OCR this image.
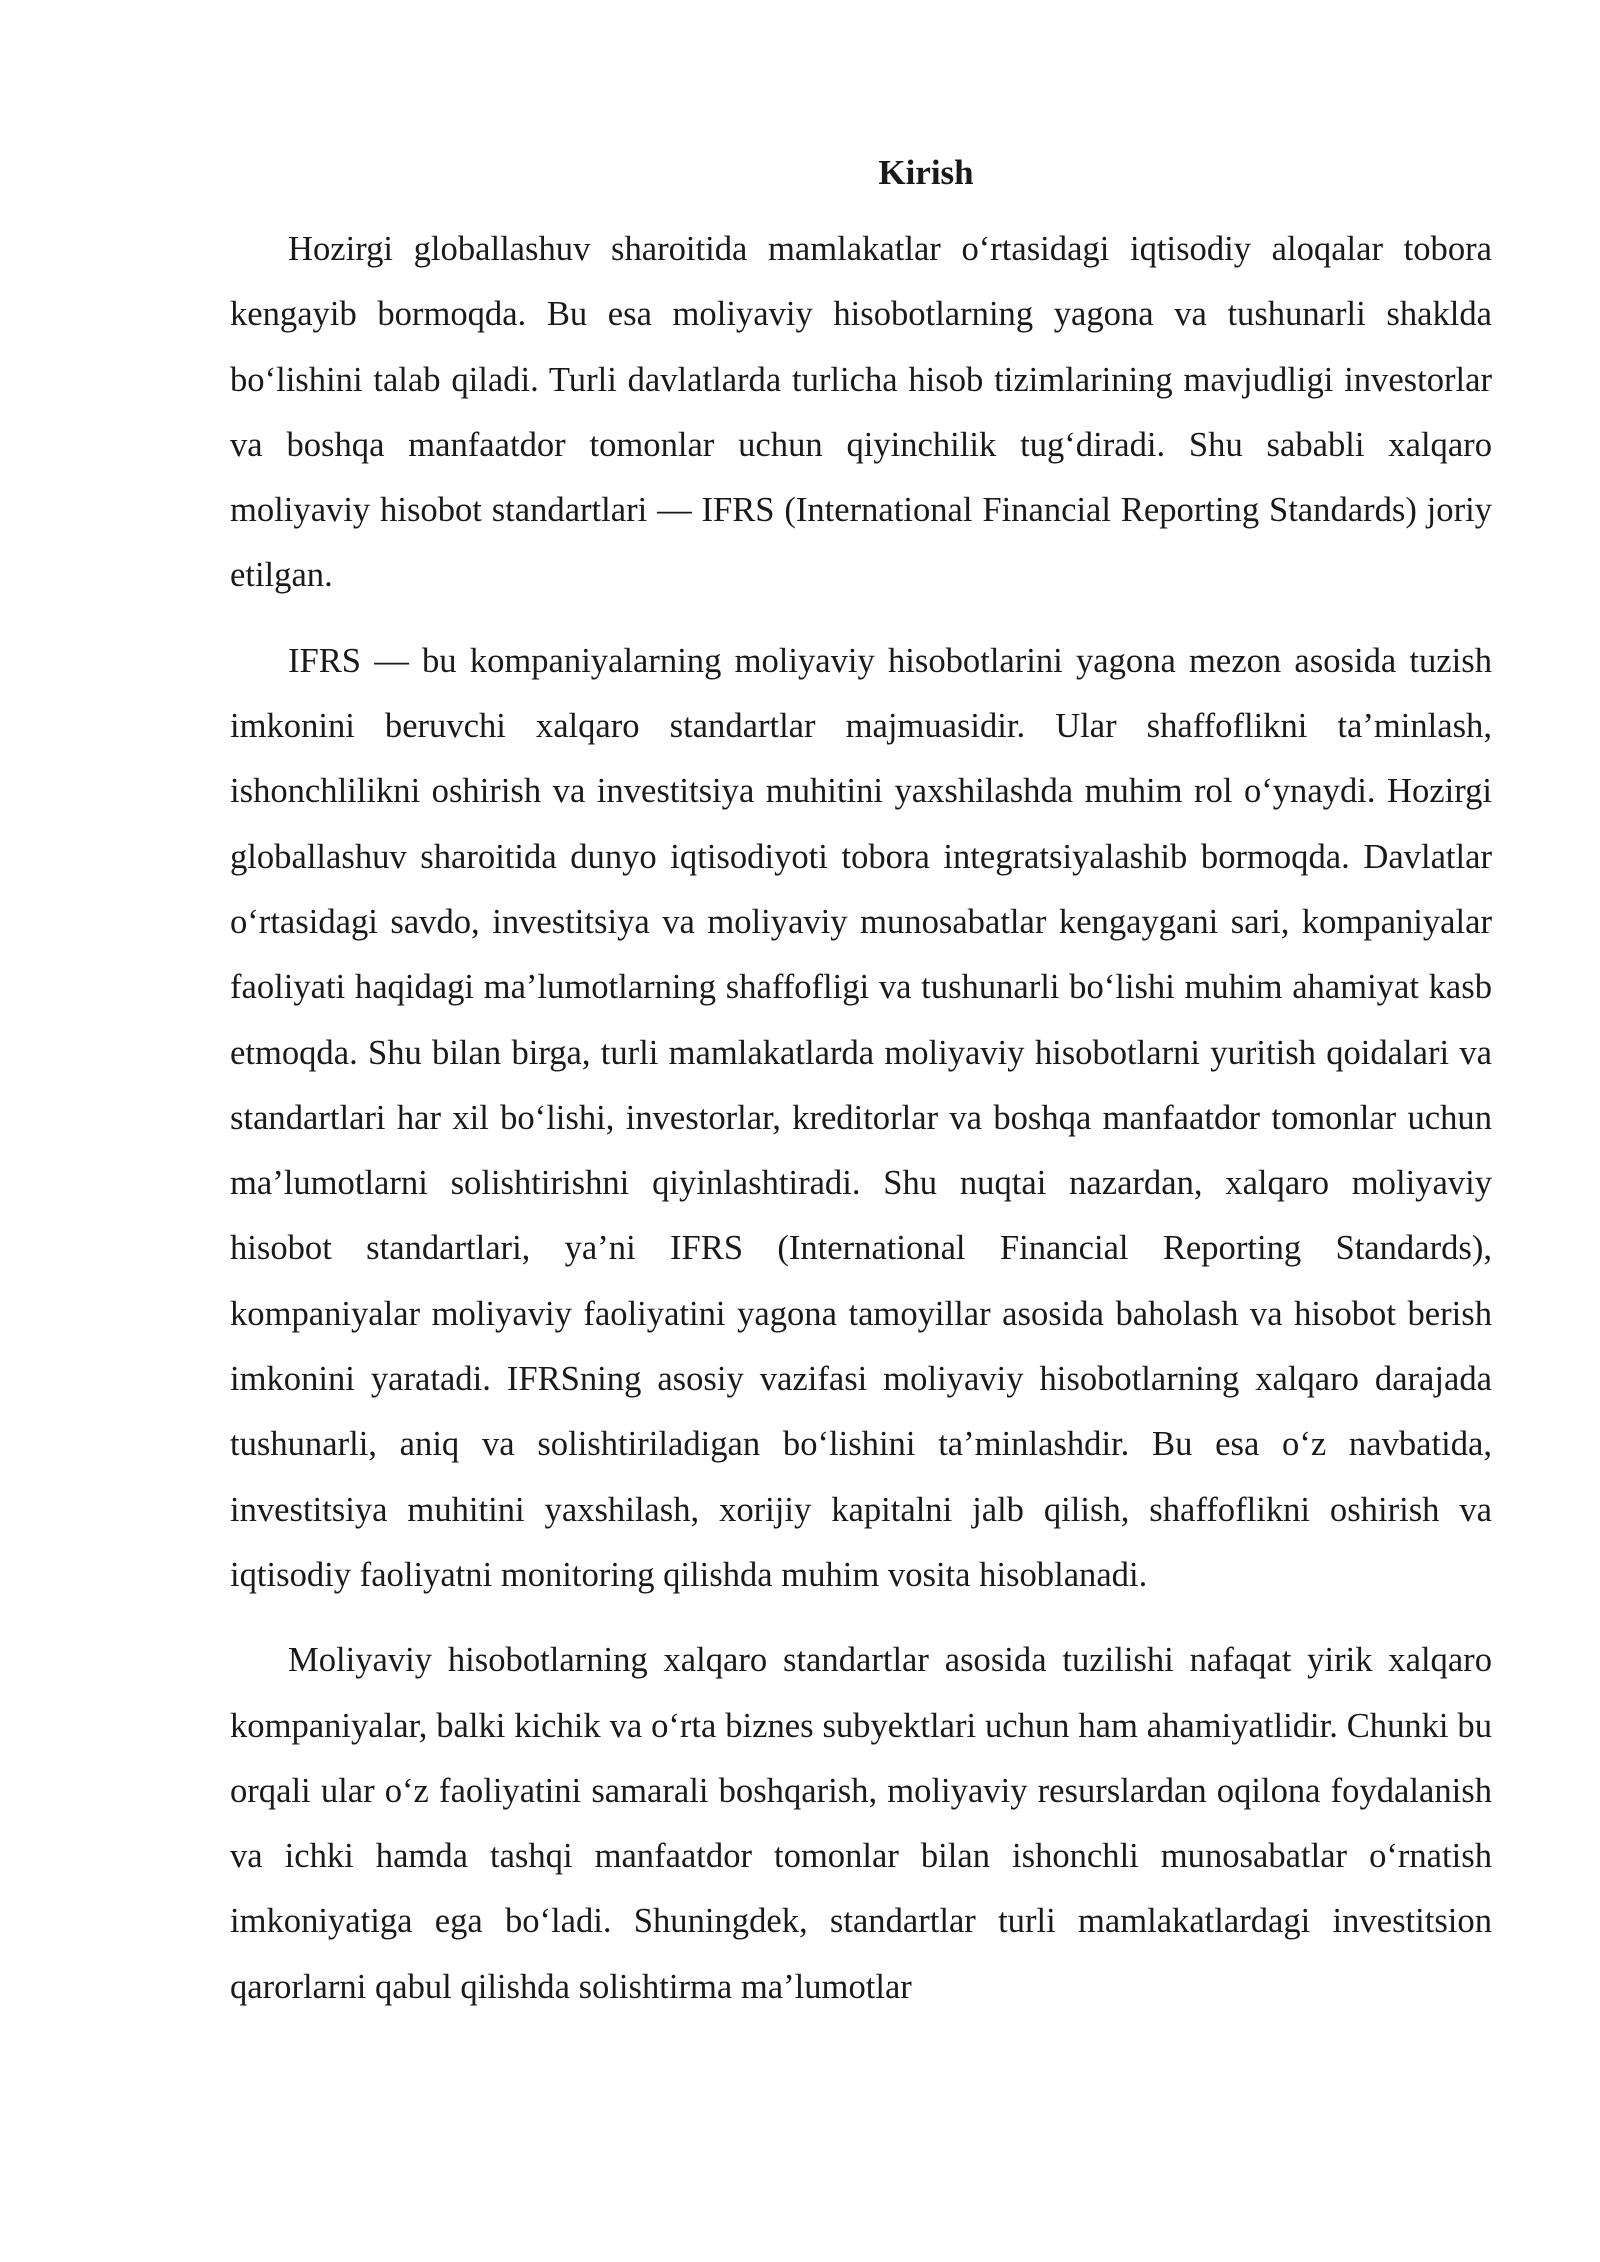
Kirish

Hozirgi globallashuv sharoitida mamlakatlar o‘rtasidagi iqtisodiy aloqalar tobora kengayib bormoqda. Bu esa moliyaviy hisobotlarning yagona va tushunarli shaklda bo‘lishini talab qiladi. Turli davlatlarda turlicha hisob tizimlarining mavjudligi investorlar va boshqa manfaatdor tomonlar uchun qiyinchilik tug‘diradi. Shu sababli xalqaro moliyaviy hisobot standartlari — IFRS (International Financial Reporting Standards) joriy etilgan.

IFRS — bu kompaniyalarning moliyaviy hisobotlarini yagona mezon asosida tuzish imkonini beruvchi xalqaro standartlar majmuasidir. Ular shaffoflikni ta’minlash, ishonchlilikni oshirish va investitsiya muhitini yaxshilashda muhim rol o‘ynaydi. Hozirgi globallashuv sharoitida dunyo iqtisodiyoti tobora integratsiyalashib bormoqda. Davlatlar o‘rtasidagi savdo, investitsiya va moliyaviy munosabatlar kengaygani sari, kompaniyalar faoliyati haqidagi ma’lumotlarning shaffofligi va tushunarli bo‘lishi muhim ahamiyat kasb etmoqda. Shu bilan birga, turli mamlakatlarda moliyaviy hisobotlarni yuritish qoidalari va standartlari har xil bo‘lishi, investorlar, kreditorlar va boshqa manfaatdor tomonlar uchun ma’lumotlarni solishtirishni qiyinlashtiradi. Shu nuqtai nazardan, xalqaro moliyaviy hisobot standartlari, ya’ni IFRS (International Financial Reporting Standards), kompaniyalar moliyaviy faoliyatini yagona tamoyillar asosida baholash va hisobot berish imkonini yaratadi. IFRSning asosiy vazifasi moliyaviy hisobotlarning xalqaro darajada tushunarli, aniq va solishtiriladigan bo‘lishini ta’minlashdir. Bu esa o‘z navbatida, investitsiya muhitini yaxshilash, xorijiy kapitalni jalb qilish, shaffoflikni oshirish va iqtisodiy faoliyatni monitoring qilishda muhim vosita hisoblanadi.

Moliyaviy hisobotlarning xalqaro standartlar asosida tuzilishi nafaqat yirik xalqaro kompaniyalar, balki kichik va o‘rta biznes subyektlari uchun ham ahamiyatlidir. Chunki bu orqali ular o‘z faoliyatini samarali boshqarish, moliyaviy resurslardan oqilona foydalanish va ichki hamda tashqi manfaatdor tomonlar bilan ishonchli munosabatlar o‘rnatish imkoniyatiga ega bo‘ladi. Shuningdek, standartlar turli mamlakatlardagi investitsion qarorlarni qabul qilishda solishtirma ma’lumotlar
